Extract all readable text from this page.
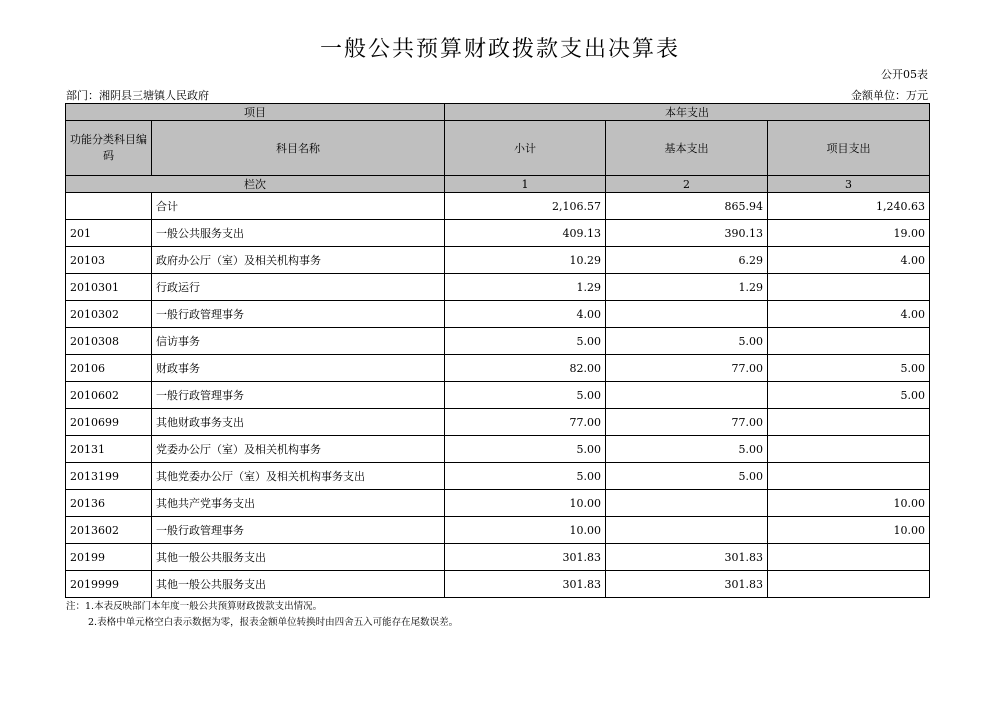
一般公共预算财政拨款支出决算表
公开05表
部门：湘阴县三塘镇人民政府	金额单位：万元
项目		本年支出		
功能分类科目编码	科目名称	小计	基本支出	项目支出
栏次		1	2	3
	合计	2,106.57	865.94	1,240.63
201	一般公共服务支出	409.13	390.13	19.00
20103	政府办公厅（室）及相关机构事务	10.29	6.29	4.00
2010301	行政运行	1.29	1.29	
2010302	一般行政管理事务	4.00		4.00
2010308	信访事务	5.00	5.00	
20106	财政事务	82.00	77.00	5.00
2010602	一般行政管理事务	5.00		5.00
2010699	其他财政事务支出	77.00	77.00	
20131	党委办公厅（室）及相关机构事务	5.00	5.00	
2013199	其他党委办公厅（室）及相关机构事务支出	5.00	5.00	
20136	其他共产党事务支出	10.00		10.00
2013602	一般行政管理事务	10.00		10.00
20199	其他一般公共服务支出	301.83	301.83	
2019999	其他一般公共服务支出	301.83	301.83	
注：1.本表反映部门本年度一般公共预算财政拨款支出情况。
2.表格中单元格空白表示数据为零，报表金额单位转换时由四舍五入可能存在尾数误差。
